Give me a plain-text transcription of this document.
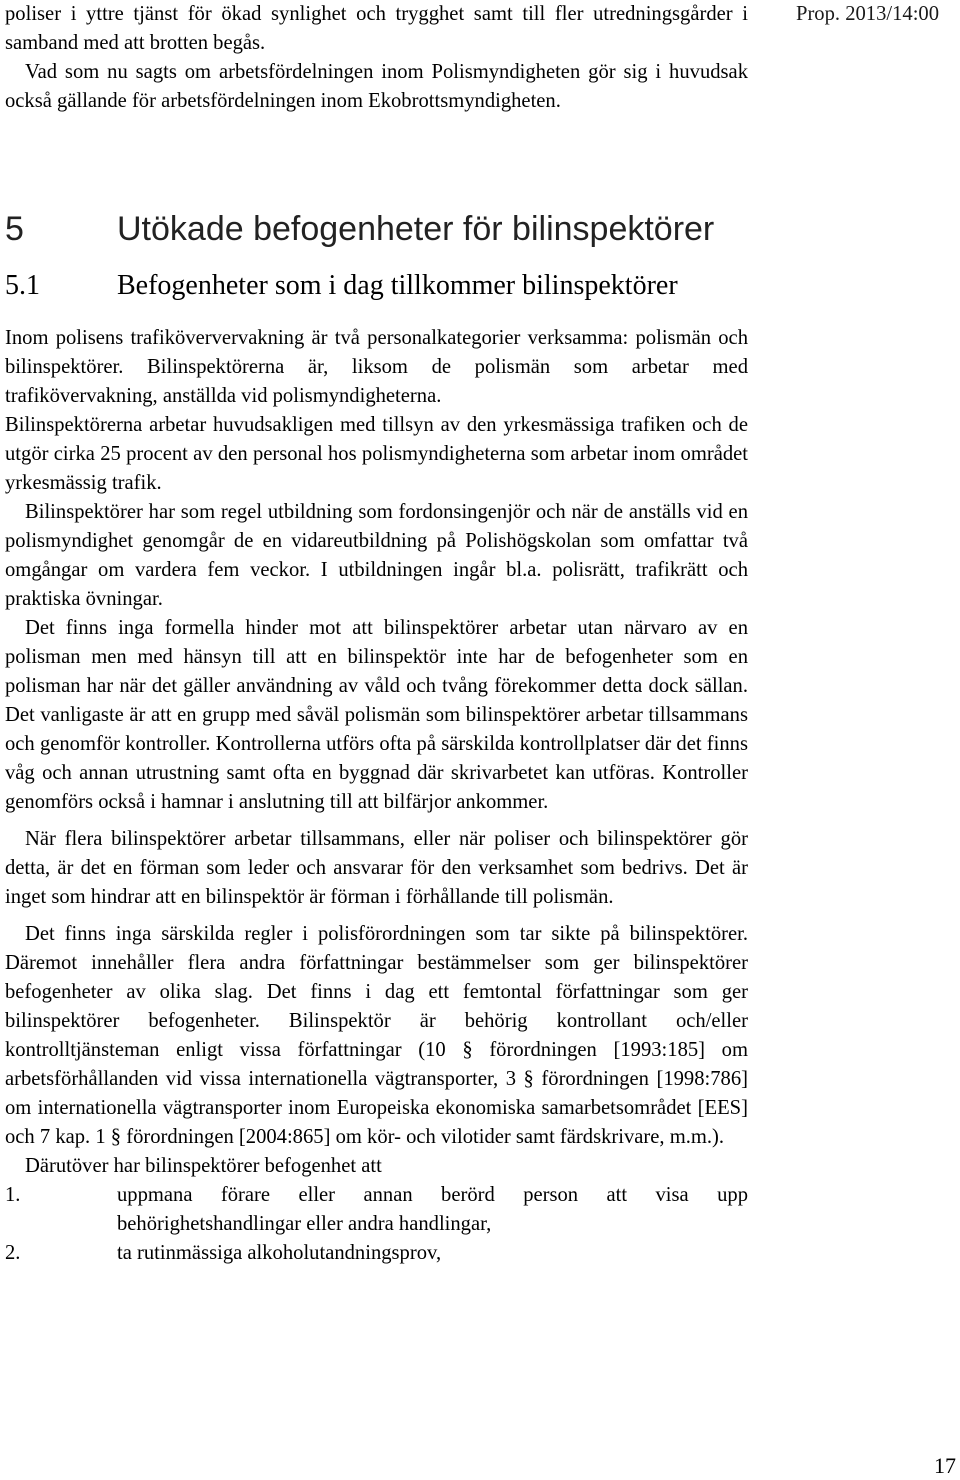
Prop. 2013/14:00

poliser i yttre tjänst för ökad synlighet och trygghet samt till fler utredningsgårder i samband med att brotten begås.

Vad som nu sagts om arbetsfördelningen inom Polismyndigheten gör sig i huvudsak också gällande för arbetsfördelningen inom Ekobrottsmyndigheten.

5	Utökade befogenheter för bilinspektörer
5.1	Befogenheter som i dag tillkommer bilinspektörer

Inom polisens trafiköververvakning är två personalkategorier verksamma: polismän och bilinspektörer. Bilinspektörerna är, liksom de polismän som arbetar med trafikövervakning, anställda vid polismyndigheterna.

Bilinspektörerna arbetar huvudsakligen med tillsyn av den yrkesmässiga trafiken och de utgör cirka 25 procent av den personal hos polismyndigheterna som arbetar inom området yrkesmässig trafik.

Bilinspektörer har som regel utbildning som fordonsingenjör och när de anställs vid en polismyndighet genomgår de en vidareutbildning på Polishögskolan som omfattar två omgångar om vardera fem veckor. I utbildningen ingår bl.a. polisrätt, trafikrätt och praktiska övningar.

Det finns inga formella hinder mot att bilinspektörer arbetar utan närvaro av en polisman men med hänsyn till att en bilinspektör inte har de befogenheter som en polisman har när det gäller användning av våld och tvång förekommer detta dock sällan. Det vanligaste är att en grupp med såväl polismän som bilinspektörer arbetar tillsammans och genomför kontroller. Kontrollerna utförs ofta på särskilda kontrollplatser där det finns våg och annan utrustning samt ofta en byggnad där skrivarbetet kan utföras. Kontroller genomförs också i hamnar i anslutning till att bilfärjor ankommer.

När flera bilinspektörer arbetar tillsammans, eller när poliser och bilinspektörer gör detta, är det en förman som leder och ansvarar för den verksamhet som bedrivs. Det är inget som hindrar att en bilinspektör är förman i förhållande till polismän.

Det finns inga särskilda regler i polisförordningen som tar sikte på bilinspektörer. Däremot innehåller flera andra författningar bestämmelser som ger bilinspektörer befogenheter av olika slag. Det finns i dag ett femtontal författningar som ger bilinspektörer befogenheter. Bilinspektör är behörig kontrollant och/eller kontrolltjänsteman enligt vissa författningar (10 § förordningen [1993:185] om arbetsförhållanden vid vissa internationella vägtransporter, 3 § förordningen [1998:786] om internationella vägtransporter inom Europeiska ekonomiska samarbetsområdet [EES] och 7 kap. 1 § förordningen [2004:865] om kör- och vilotider samt färdskrivare, m.m.).

Därutöver har bilinspektörer befogenhet att

1.	uppmana förare eller annan berörd person att visa upp behörighetshandlingar eller andra handlingar,
2.	ta rutinmässiga alkoholutandningsprov,
17
